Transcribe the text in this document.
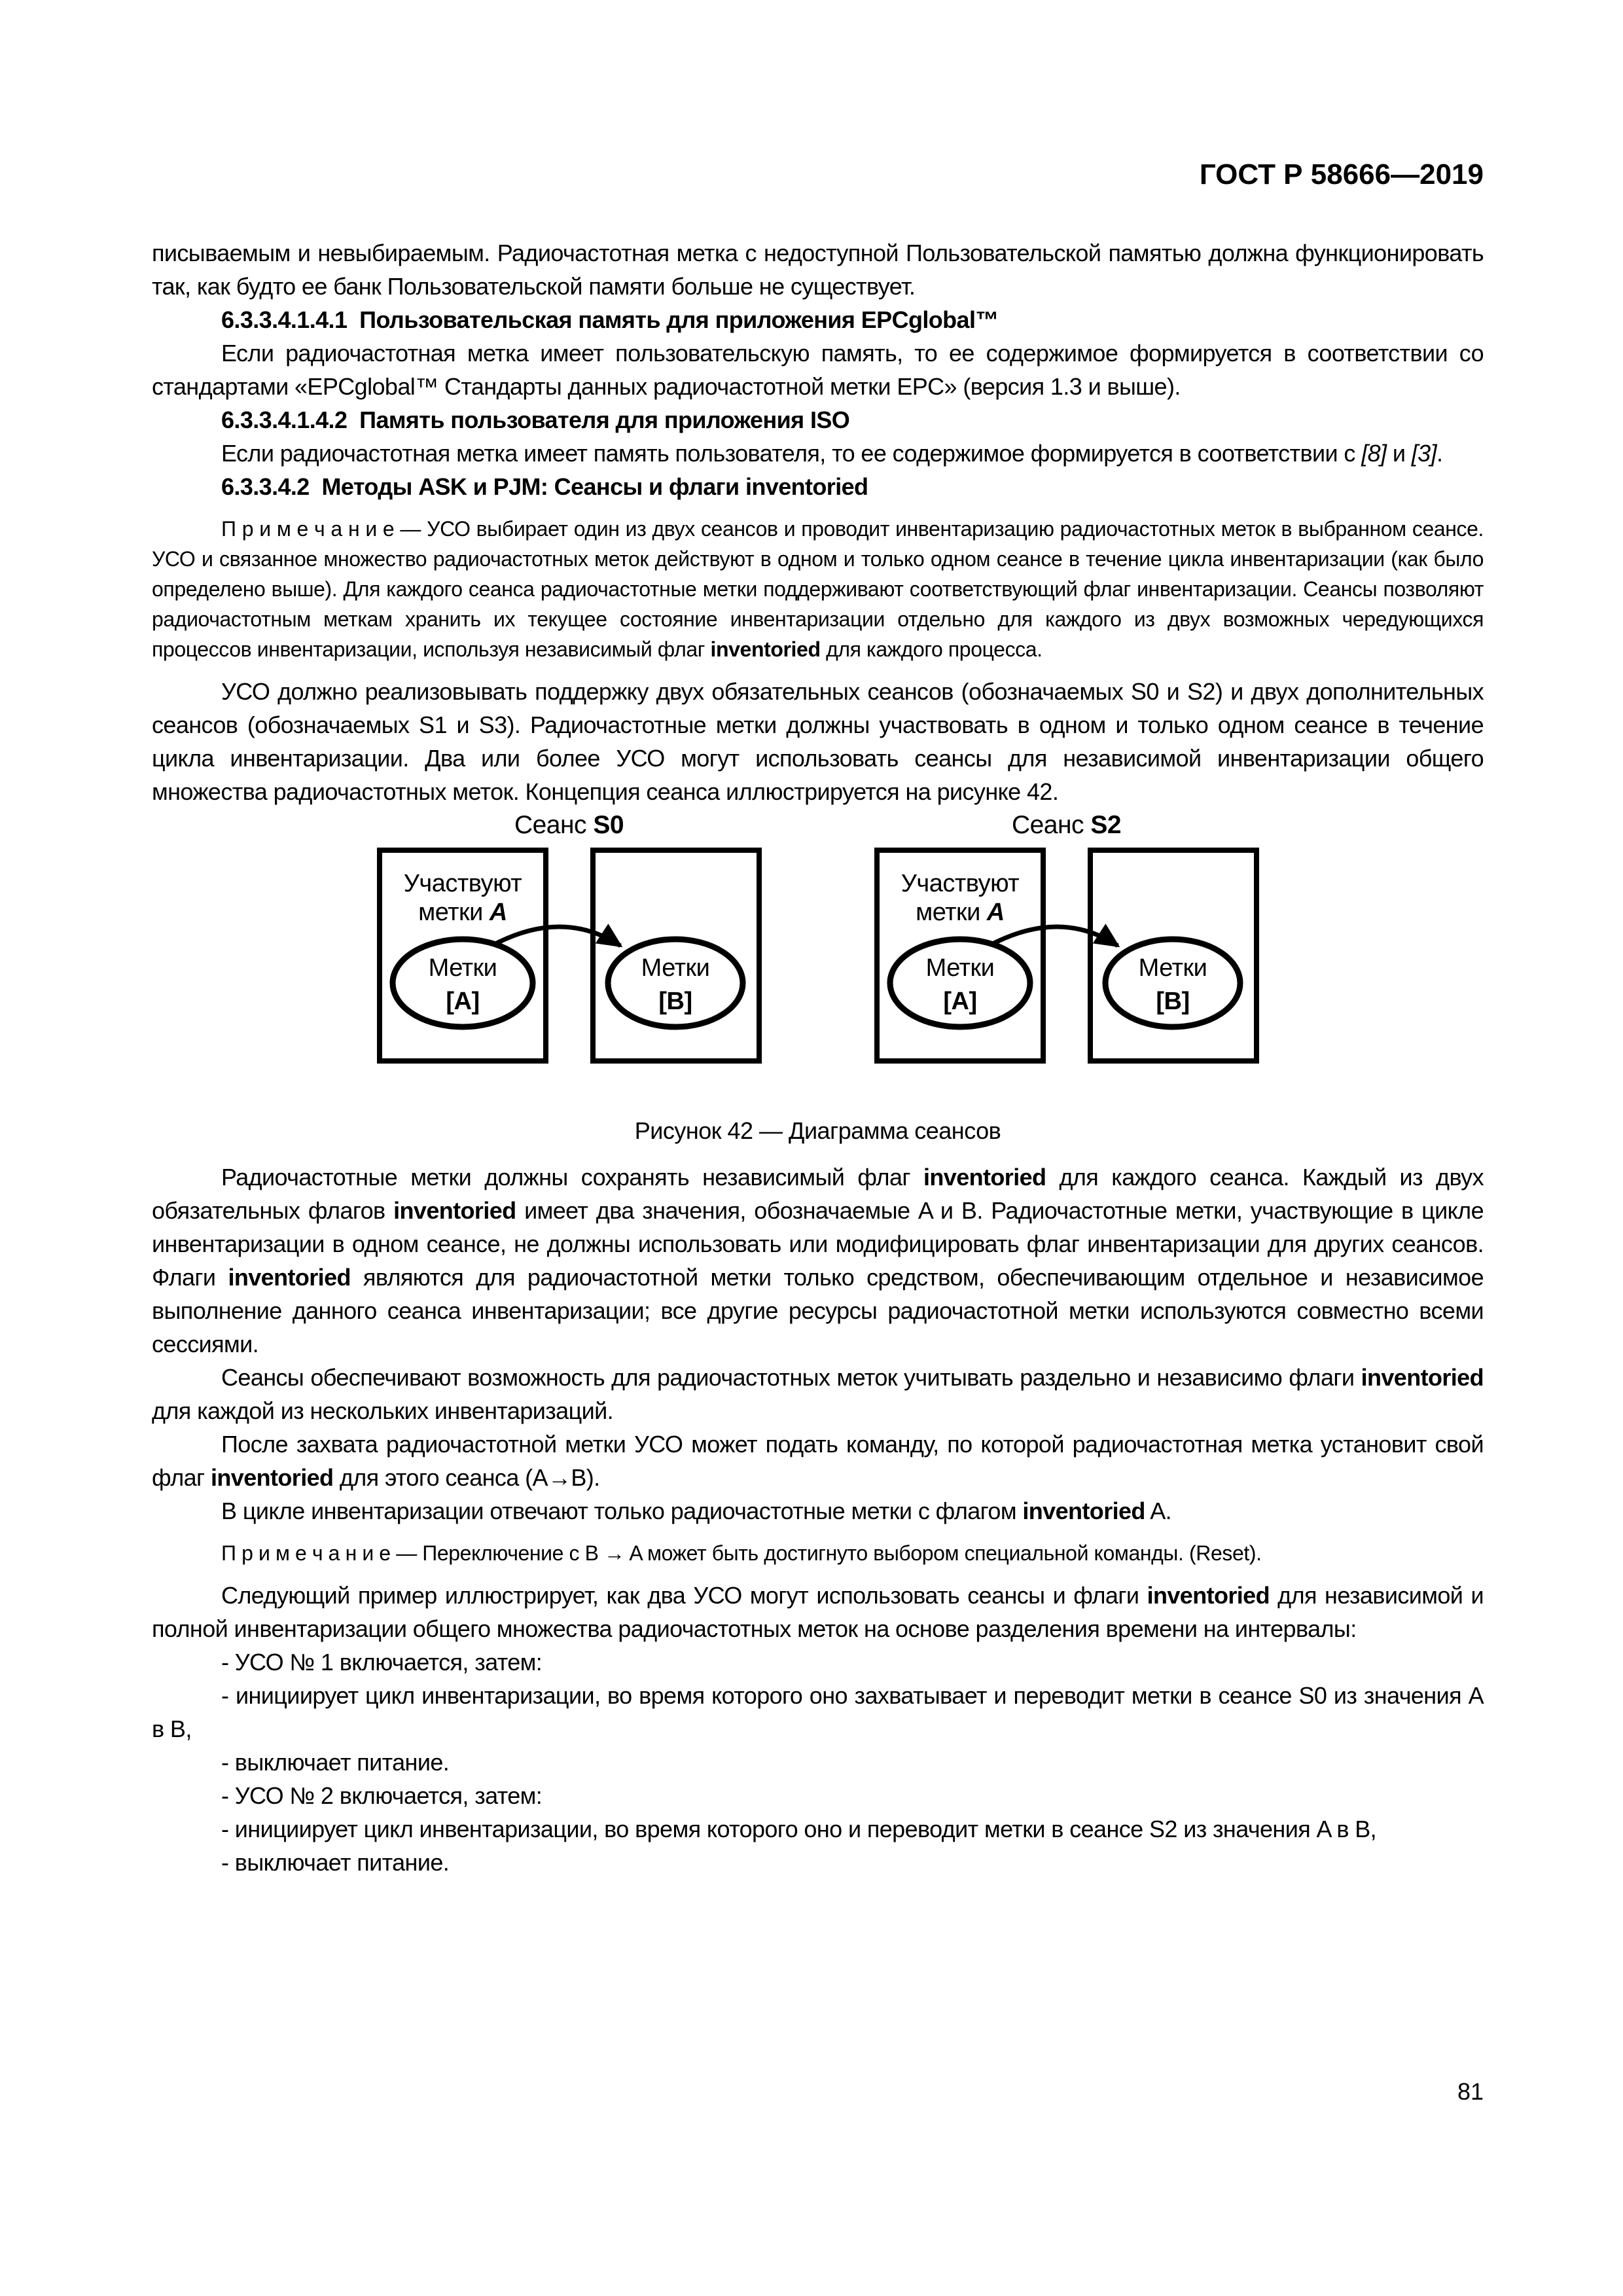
ГОСТ Р 58666—2019

писываемым и невыбираемым. Радиочастотная метка с недоступной Пользовательской памятью должна функционировать так, как будто ее банк Пользовательской памяти больше не существует.

6.3.3.4.1.4.1  Пользовательская память для приложения EPCglobal™

Если радиочастотная метка имеет пользовательскую память, то ее содержимое формируется в соответствии со стандартами «EPCglobal™ Стандарты данных радиочастотной метки EPC» (версия 1.3 и выше).

6.3.3.4.1.4.2  Память пользователя для приложения ISO

Если радиочастотная метка имеет память пользователя, то ее содержимое формируется в соответствии с [8] и [3].

6.3.3.4.2  Методы ASK и PJM: Сеансы и флаги inventoried

П р и м е ч а н и е — УСО выбирает один из двух сеансов и проводит инвентаризацию радиочастотных меток в выбранном сеансе. УСО и связанное множество радиочастотных меток действуют в одном и только одном сеансе в течение цикла инвентаризации (как было определено выше). Для каждого сеанса радиочастотные метки поддерживают соответствующий флаг инвентаризации. Сеансы позволяют радиочастотным меткам хранить их текущее состояние инвентаризации отдельно для каждого из двух возможных чередующихся процессов инвентаризации, используя независимый флаг inventoried для каждого процесса.

УСО должно реализовывать поддержку двух обязательных сеансов (обозначаемых S0 и S2) и двух дополнительных сеансов (обозначаемых S1 и S3). Радиочастотные метки должны участвовать в одном и только одном сеансе в течение цикла инвентаризации. Два или более УСО могут использовать сеансы для независимой инвентаризации общего множества радиочастотных меток. Концепция сеанса иллюстрируется на рисунке 42.

Сеанс S0
Участвуют
метки A
Метки
[A]
Метки
[B]
Сеанс S2
Участвуют
метки A
Метки
[A]
Метки
[B]
Рисунок 42 — Диаграмма сеансов

Радиочастотные метки должны сохранять независимый флаг inventoried для каждого сеанса. Каждый из двух обязательных флагов inventoried имеет два значения, обозначаемые A и B. Радиочастотные метки, участвующие в цикле инвентаризации в одном сеансе, не должны использовать или модифицировать флаг инвентаризации для других сеансов. Флаги inventoried являются для радиочастотной метки только средством, обеспечивающим отдельное и независимое выполнение данного сеанса инвентаризации; все другие ресурсы радиочастотной метки используются совместно всеми сессиями.

Сеансы обеспечивают возможность для радиочастотных меток учитывать раздельно и независимо флаги inventoried для каждой из нескольких инвентаризаций.

После захвата радиочастотной метки УСО может подать команду, по которой радиочастотная метка установит свой флаг inventoried для этого сеанса (A→B).

В цикле инвентаризации отвечают только радиочастотные метки с флагом inventoried A.

П р и м е ч а н и е — Переключение с B → A может быть достигнуто выбором специальной команды. (Reset).

Следующий пример иллюстрирует, как два УСО могут использовать сеансы и флаги inventoried для независимой и полной инвентаризации общего множества радиочастотных меток на основе разделения времени на интервалы:

- УСО № 1 включается, затем:

- инициирует цикл инвентаризации, во время которого оно захватывает и переводит метки в сеансе S0 из значения A в B,

- выключает питание.

- УСО № 2 включается, затем:

- инициирует цикл инвентаризации, во время которого оно и переводит метки в сеансе S2 из значения A в B,

- выключает питание.

81
